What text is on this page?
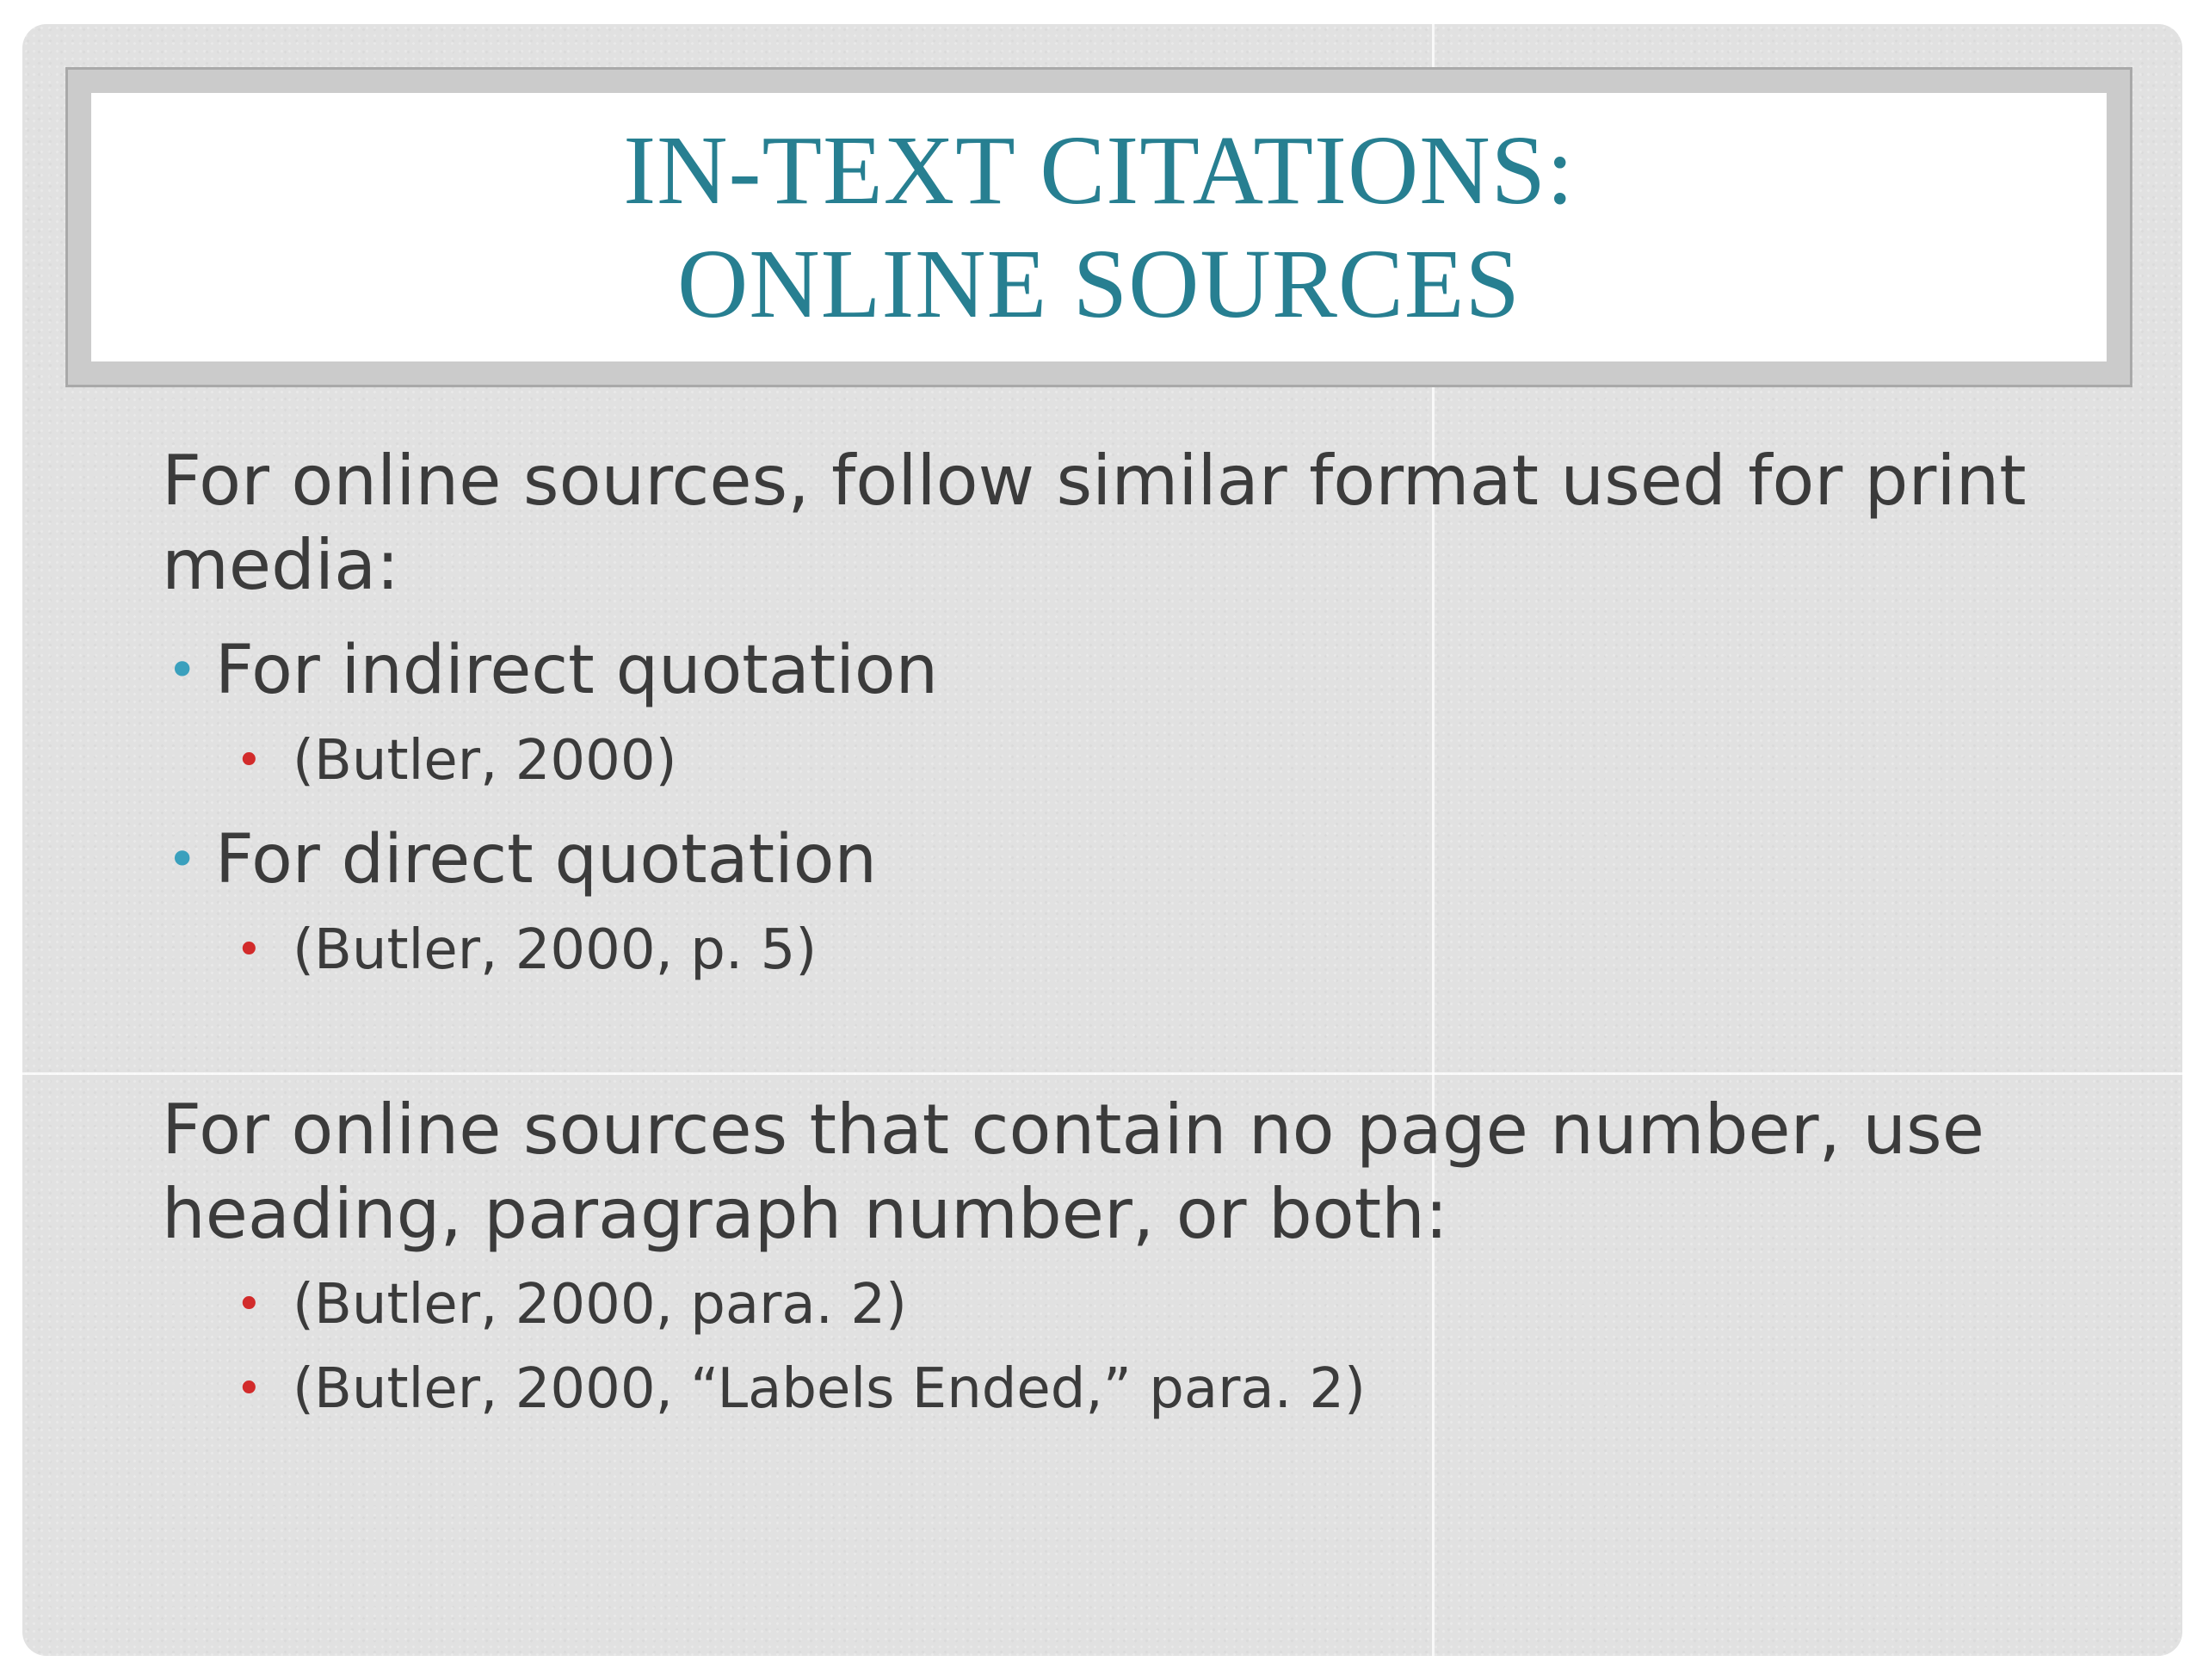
IN-TEXT CITATIONS:
ONLINE SOURCES

For online sources, follow similar format used for print media:

• For indirect quotation
• (Butler, 2000)
• For direct quotation
• (Butler, 2000, p. 5)

For online sources that contain no page number, use heading, paragraph number, or both:

• (Butler, 2000, para. 2)
• (Butler, 2000, “Labels Ended,” para. 2)
